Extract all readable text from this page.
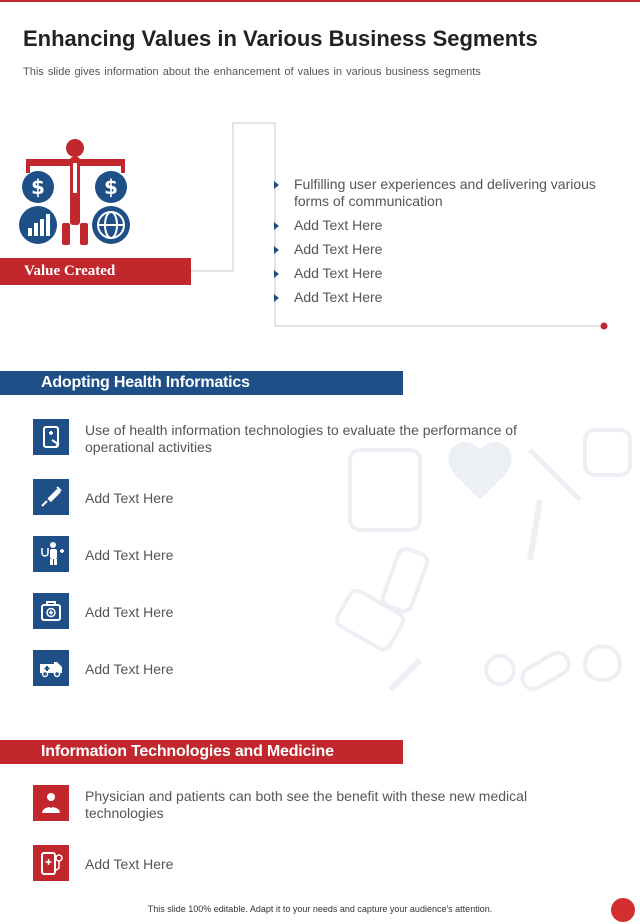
Enhancing Values in Various Business Segments
This slide gives information about the enhancement of values in various business segments
$	$
Value Created
Fulfilling user experiences and delivering various forms of communication
Add Text Here
Add Text Here
Add Text Here
Add Text Here
Adopting Health Informatics
Use of health information technologies to evaluate the performance of operational activities
Add Text Here
Add Text Here
Add Text Here
Add Text Here
Information Technologies and Medicine
Physician and patients can both see the benefit with these new medical technologies
Add Text Here
This slide 100% editable. Adapt it to your needs and capture your audience's attention.
